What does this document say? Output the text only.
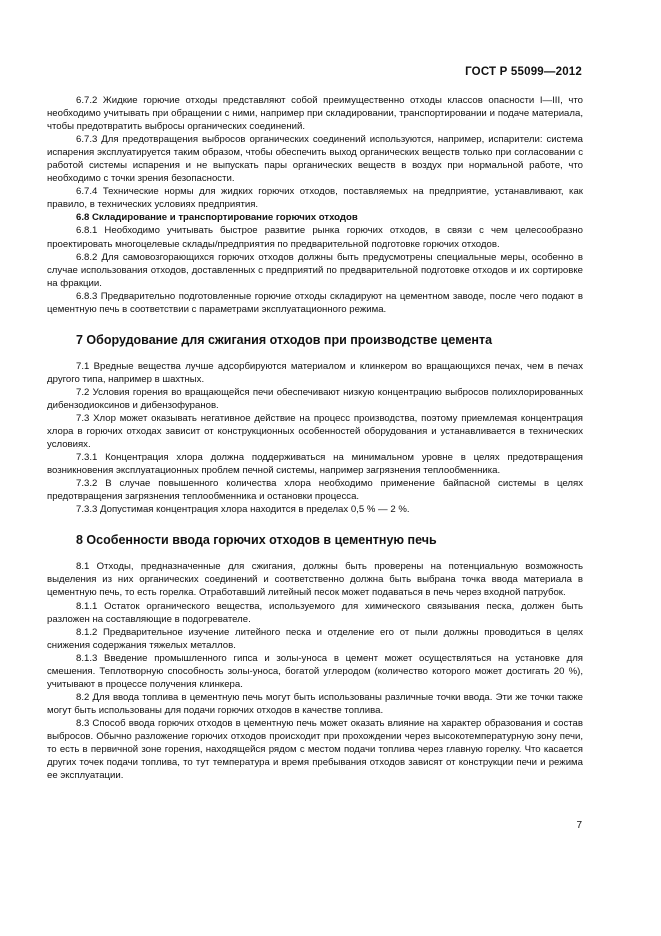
ГОСТ Р 55099—2012
6.7.2 Жидкие горючие отходы представляют собой преимущественно отходы классов опасности I—III, что необходимо учитывать при обращении с ними, например при складировании, транспортировании и подаче материала, чтобы предотвратить выбросы органических соединений.
6.7.3 Для предотвращения выбросов органических соединений используются, например, испарители: система испарения эксплуатируется таким образом, чтобы обеспечить выход органических веществ только при согласовании с работой системы испарения и не выпускать пары органических веществ в воздух при нормальной работе, что необходимо с точки зрения безопасности.
6.7.4 Технические нормы для жидких горючих отходов, поставляемых на предприятие, устанавливают, как правило, в технических условиях предприятия.
6.8 Складирование и транспортирование горючих отходов
6.8.1 Необходимо учитывать быстрое развитие рынка горючих отходов, в связи с чем целесообразно проектировать многоцелевые склады/предприятия по предварительной подготовке горючих отходов.
6.8.2 Для самовозгорающихся горючих отходов должны быть предусмотрены специальные меры, особенно в случае использования отходов, доставленных с предприятий по предварительной подготовке отходов и их сортировке на фракции.
6.8.3 Предварительно подготовленные горючие отходы складируют на цементном заводе, после чего подают в цементную печь в соответствии с параметрами эксплуатационного режима.
7 Оборудование для сжигания отходов при производстве цемента
7.1 Вредные вещества лучше адсорбируются материалом и клинкером во вращающихся печах, чем в печах другого типа, например в шахтных.
7.2 Условия горения во вращающейся печи обеспечивают низкую концентрацию выбросов полихлорированных дибензодиоксинов и дибензофуранов.
7.3 Хлор может оказывать негативное действие на процесс производства, поэтому приемлемая концентрация хлора в горючих отходах зависит от конструкционных особенностей оборудования и устанавливается в технических условиях.
7.3.1 Концентрация хлора должна поддерживаться на минимальном уровне в целях предотвращения возникновения эксплуатационных проблем печной системы, например загрязнения теплообменника.
7.3.2 В случае повышенного количества хлора необходимо применение байпасной системы в целях предотвращения загрязнения теплообменника и остановки процесса.
7.3.3 Допустимая концентрация хлора находится в пределах 0,5 % — 2 %.
8 Особенности ввода горючих отходов в цементную печь
8.1 Отходы, предназначенные для сжигания, должны быть проверены на потенциальную возможность выделения из них органических соединений и соответственно должна быть выбрана точка ввода материала в цементную печь, то есть горелка. Отработавший литейный песок может подаваться в печь через входной патрубок.
8.1.1 Остаток органического вещества, используемого для химического связывания песка, должен быть разложен на составляющие в подогревателе.
8.1.2 Предварительное изучение литейного песка и отделение его от пыли должны проводиться в целях снижения содержания тяжелых металлов.
8.1.3 Введение промышленного гипса и золы-уноса в цемент может осуществляться на установке для смешения. Теплотворную способность золы-уноса, богатой углеродом (количество которого может достигать 20 %), учитывают в процессе получения клинкера.
8.2 Для ввода топлива в цементную печь могут быть использованы различные точки ввода. Эти же точки также могут быть использованы для подачи горючих отходов в качестве топлива.
8.3 Способ ввода горючих отходов в цементную печь может оказать влияние на характер образования и состав выбросов. Обычно разложение горючих отходов происходит при прохождении через высокотемпературную зону печи, то есть в первичной зоне горения, находящейся рядом с местом подачи топлива через главную горелку. Что касается других точек подачи топлива, то тут температура и время пребывания отходов зависят от конструкции печи и режима ее эксплуатации.
7
